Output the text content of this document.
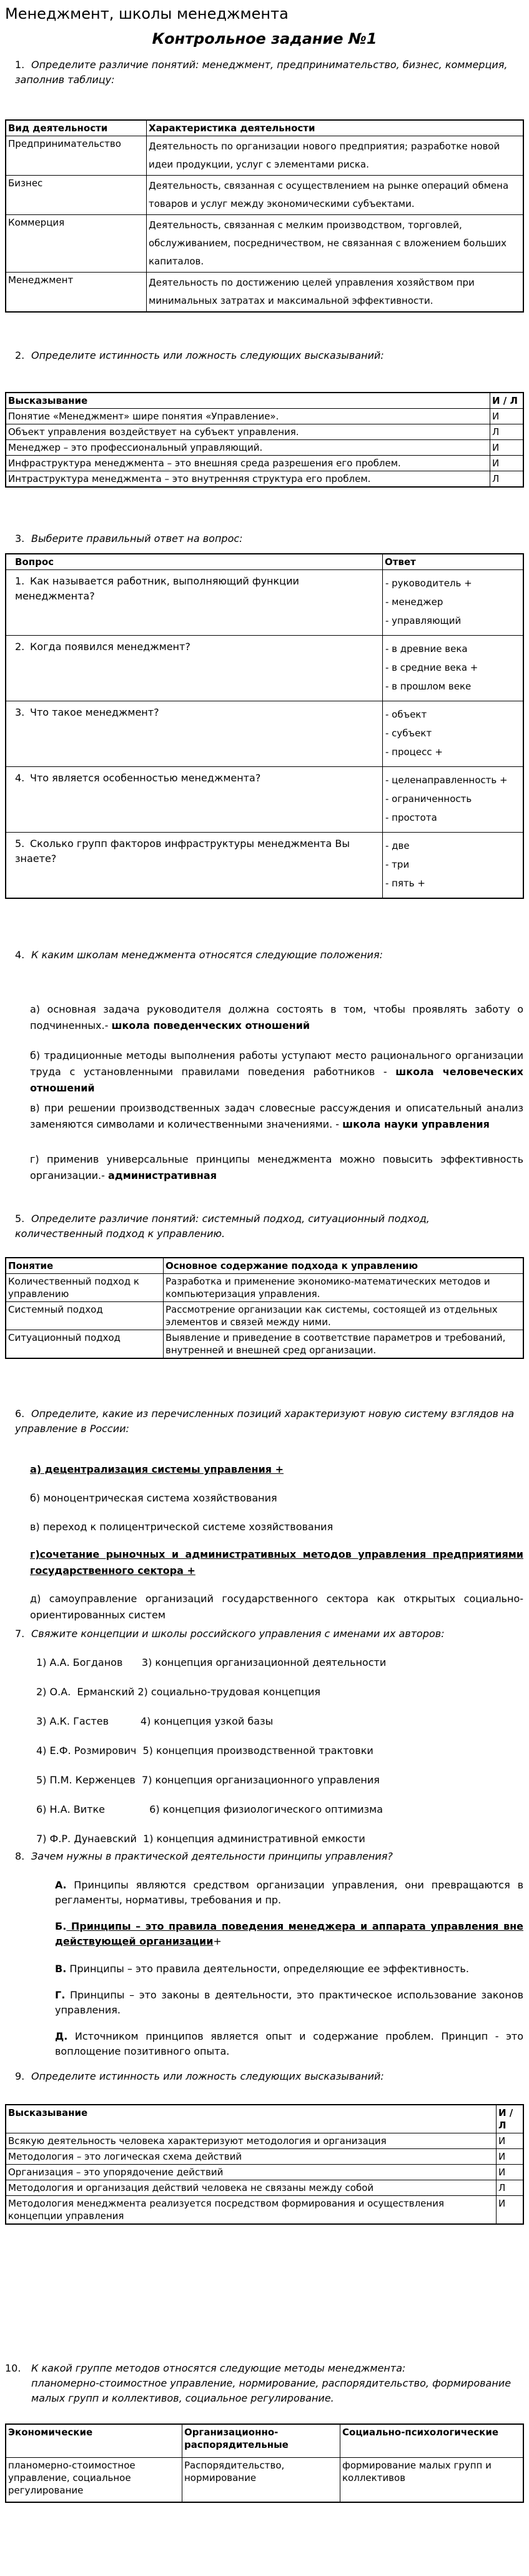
Менеджмент, школы менеджмента
Контрольное задание №1
1. Определите различие понятий: менеджмент, предпринимательство, бизнес, коммерция, заполнив таблицу:
Вид деятельности	Характеристика деятельности
Предпринимательство	Деятельность по организации нового предприятия; разработке новой идеи продукции, услуг с элементами риска.
Бизнес	Деятельность, связанная с осуществлением на рынке операций обмена товаров и услуг между экономическими субъектами.
Коммерция	Деятельность, связанная с мелким производством, торговлей, обслуживанием, посредничеством, не связанная с вложением больших капиталов.
Менеджмент	Деятельность по достижению целей управления хозяйством при минимальных затратах и максимальной эффективности.
2. Определите истинность или ложность следующих высказываний:
Высказывание	И / Л
Понятие «Менеджмент» шире понятия «Управление».	И
Объект управления воздействует на субъект управления.	Л
Менеджер – это профессиональный управляющий.	И
Инфраструктура менеджмента – это внешняя среда разрешения его проблем.	И
Интраструктура менеджмента – это внутренняя структура его проблем.	Л
3. Выберите правильный ответ на вопрос:
Вопрос	Ответ
1. Как называется работник, выполняющий функции менеджмента?	- руководитель +
- менеджер
- управляющий

2. Когда появился менеджмент?	- в древние века
- в средние века +
- в прошлом веке

3. Что такое менеджмент?	- объект
- субъект
- процесс +

4. Что является особенностью менеджмента?	- целенаправленность +
- ограниченность
- простота

5. Сколько групп факторов инфраструктуры менеджмента Вы знаете?	- две
- три
- пять +
4. К каким школам менеджмента относятся следующие положения:
а) основная задача руководителя должна состоять в том, чтобы проявлять заботу о подчиненных.- школа поведенческих отношений
б) традиционные методы выполнения работы уступают место рационального организации труда с установленными правилами поведения работников - школа человеческих отношений
в) при решении производственных задач словесные рассуждения и описательный анализ заменяются символами и количественными значениями. - школа науки управления
г) применив универсальные принципы менеджмента можно повысить эффективность организации.- административная
5. Определите различие понятий: системный подход, ситуационный подход, количественный подход к управлению.
Понятие	Основное содержание подхода к управлению
Количественный подход к управлению	Разработка и применение экономико-математических методов и компьютеризация управления.
Системный подход	Рассмотрение организации как системы, состоящей из отдельных элементов и связей между ними.
Ситуационный подход	Выявление и приведение в соответствие параметров и требований, внутренней и внешней сред организации.
6. Определите, какие из перечисленных позиций характеризуют новую систему взглядов на управление в России:
а) децентрализация системы управления +
б) моноцентрическая система хозяйствования
в) переход к полицентрической системе хозяйствования
г)сочетание рыночных и административных методов управления предприятиями государственного сектора +
д) самоуправление организаций государственного сектора как открытых социально-ориентированных систем
7. Свяжите концепции и школы российского управления с именами их авторов:
1) А.А. Богданов      3) концепция организационной деятельности
2) О.А.  Ерманский 2) социально-трудовая концепция
3) А.К. Гастев          4) концепция узкой базы
4) Е.Ф. Розмирович  5) концепция производственной трактовки
5) П.М. Керженцев  7) концепция организационного управления
6) Н.А. Витке              6) концепция физиологического оптимизма
7) Ф.Р. Дунаевский  1) концепция административной емкости
8. Зачем нужны в практической деятельности принципы управления?
А. Принципы являются средством организации управления, они превращаются в регламенты, нормативы, требования и пр.
Б. Принципы – это правила поведения менеджера и аппарата управления вне действующей организации+
В. Принципы – это правила деятельности, определяющие ее эффективность.
Г. Принципы – это законы в деятельности, это практическое использование законов управления.
Д. Источником принципов является опыт и содержание проблем. Принцип - это воплощение позитивного опыта.
9. Определите истинность или ложность следующих высказываний:
Высказывание	И / Л
Всякую деятельность человека характеризуют методология и организация	И
Методология – это логическая схема действий	И
Организация – это упорядочение действий	И
Методология и организация действий человека не связаны между собой	Л
Методология менеджмента реализуется посредством формирования и осуществления концепции управления	И
10. К какой группе методов относятся следующие методы менеджмента:
планомерно-стоимостное управление, нормирование, распорядительство, формирование малых групп и коллективов, социальное регулирование.
Экономические	Организационно-распорядительные	Социально-психологические
планомерно-стоимостное управление, социальное регулирование	Распорядительство, нормирование	формирование малых групп и коллективов
